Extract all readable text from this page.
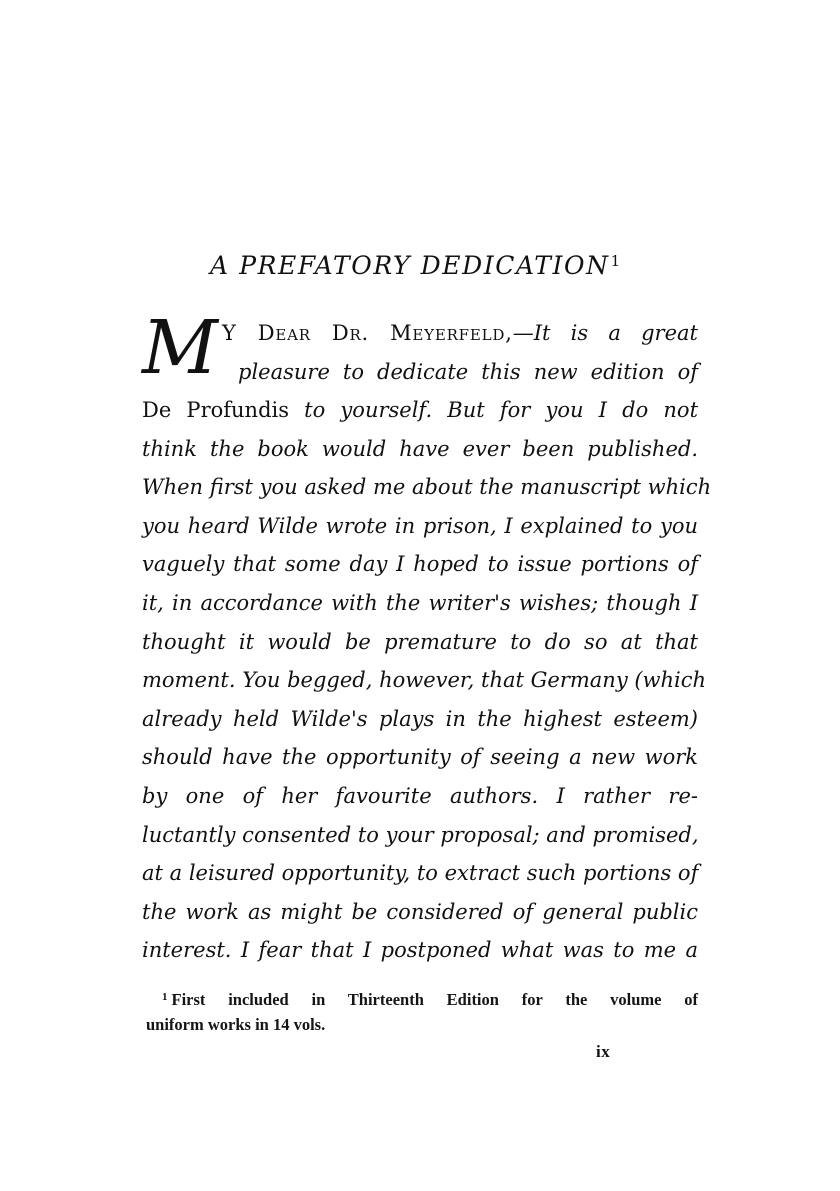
A PREFATORY DEDICATION$^1$
M Y Dear Dr. Meyerfeld,—It is a great
pleasure to dedicate this new edition of
De Profundis to yourself. But for you I do not
think the book would have ever been published.
When first you asked me about the manuscript which
you heard Wilde wrote in prison, I explained to you
vaguely that some day I hoped to issue portions of
it, in accordance with the writer's wishes; though I
thought it would be premature to do so at that
moment. You begged, however, that Germany (which
already held Wilde's plays in the highest esteem)
should have the opportunity of seeing a new work
by one of her favourite authors. I rather re-
luctantly consented to your proposal; and promised,
at a leisured opportunity, to extract such portions of
the work as might be considered of general public
interest. I fear that I postponed what was to me a
$^1$ First included in Thirteenth Edition for the volume of
uniform works in 14 vols.
ix
